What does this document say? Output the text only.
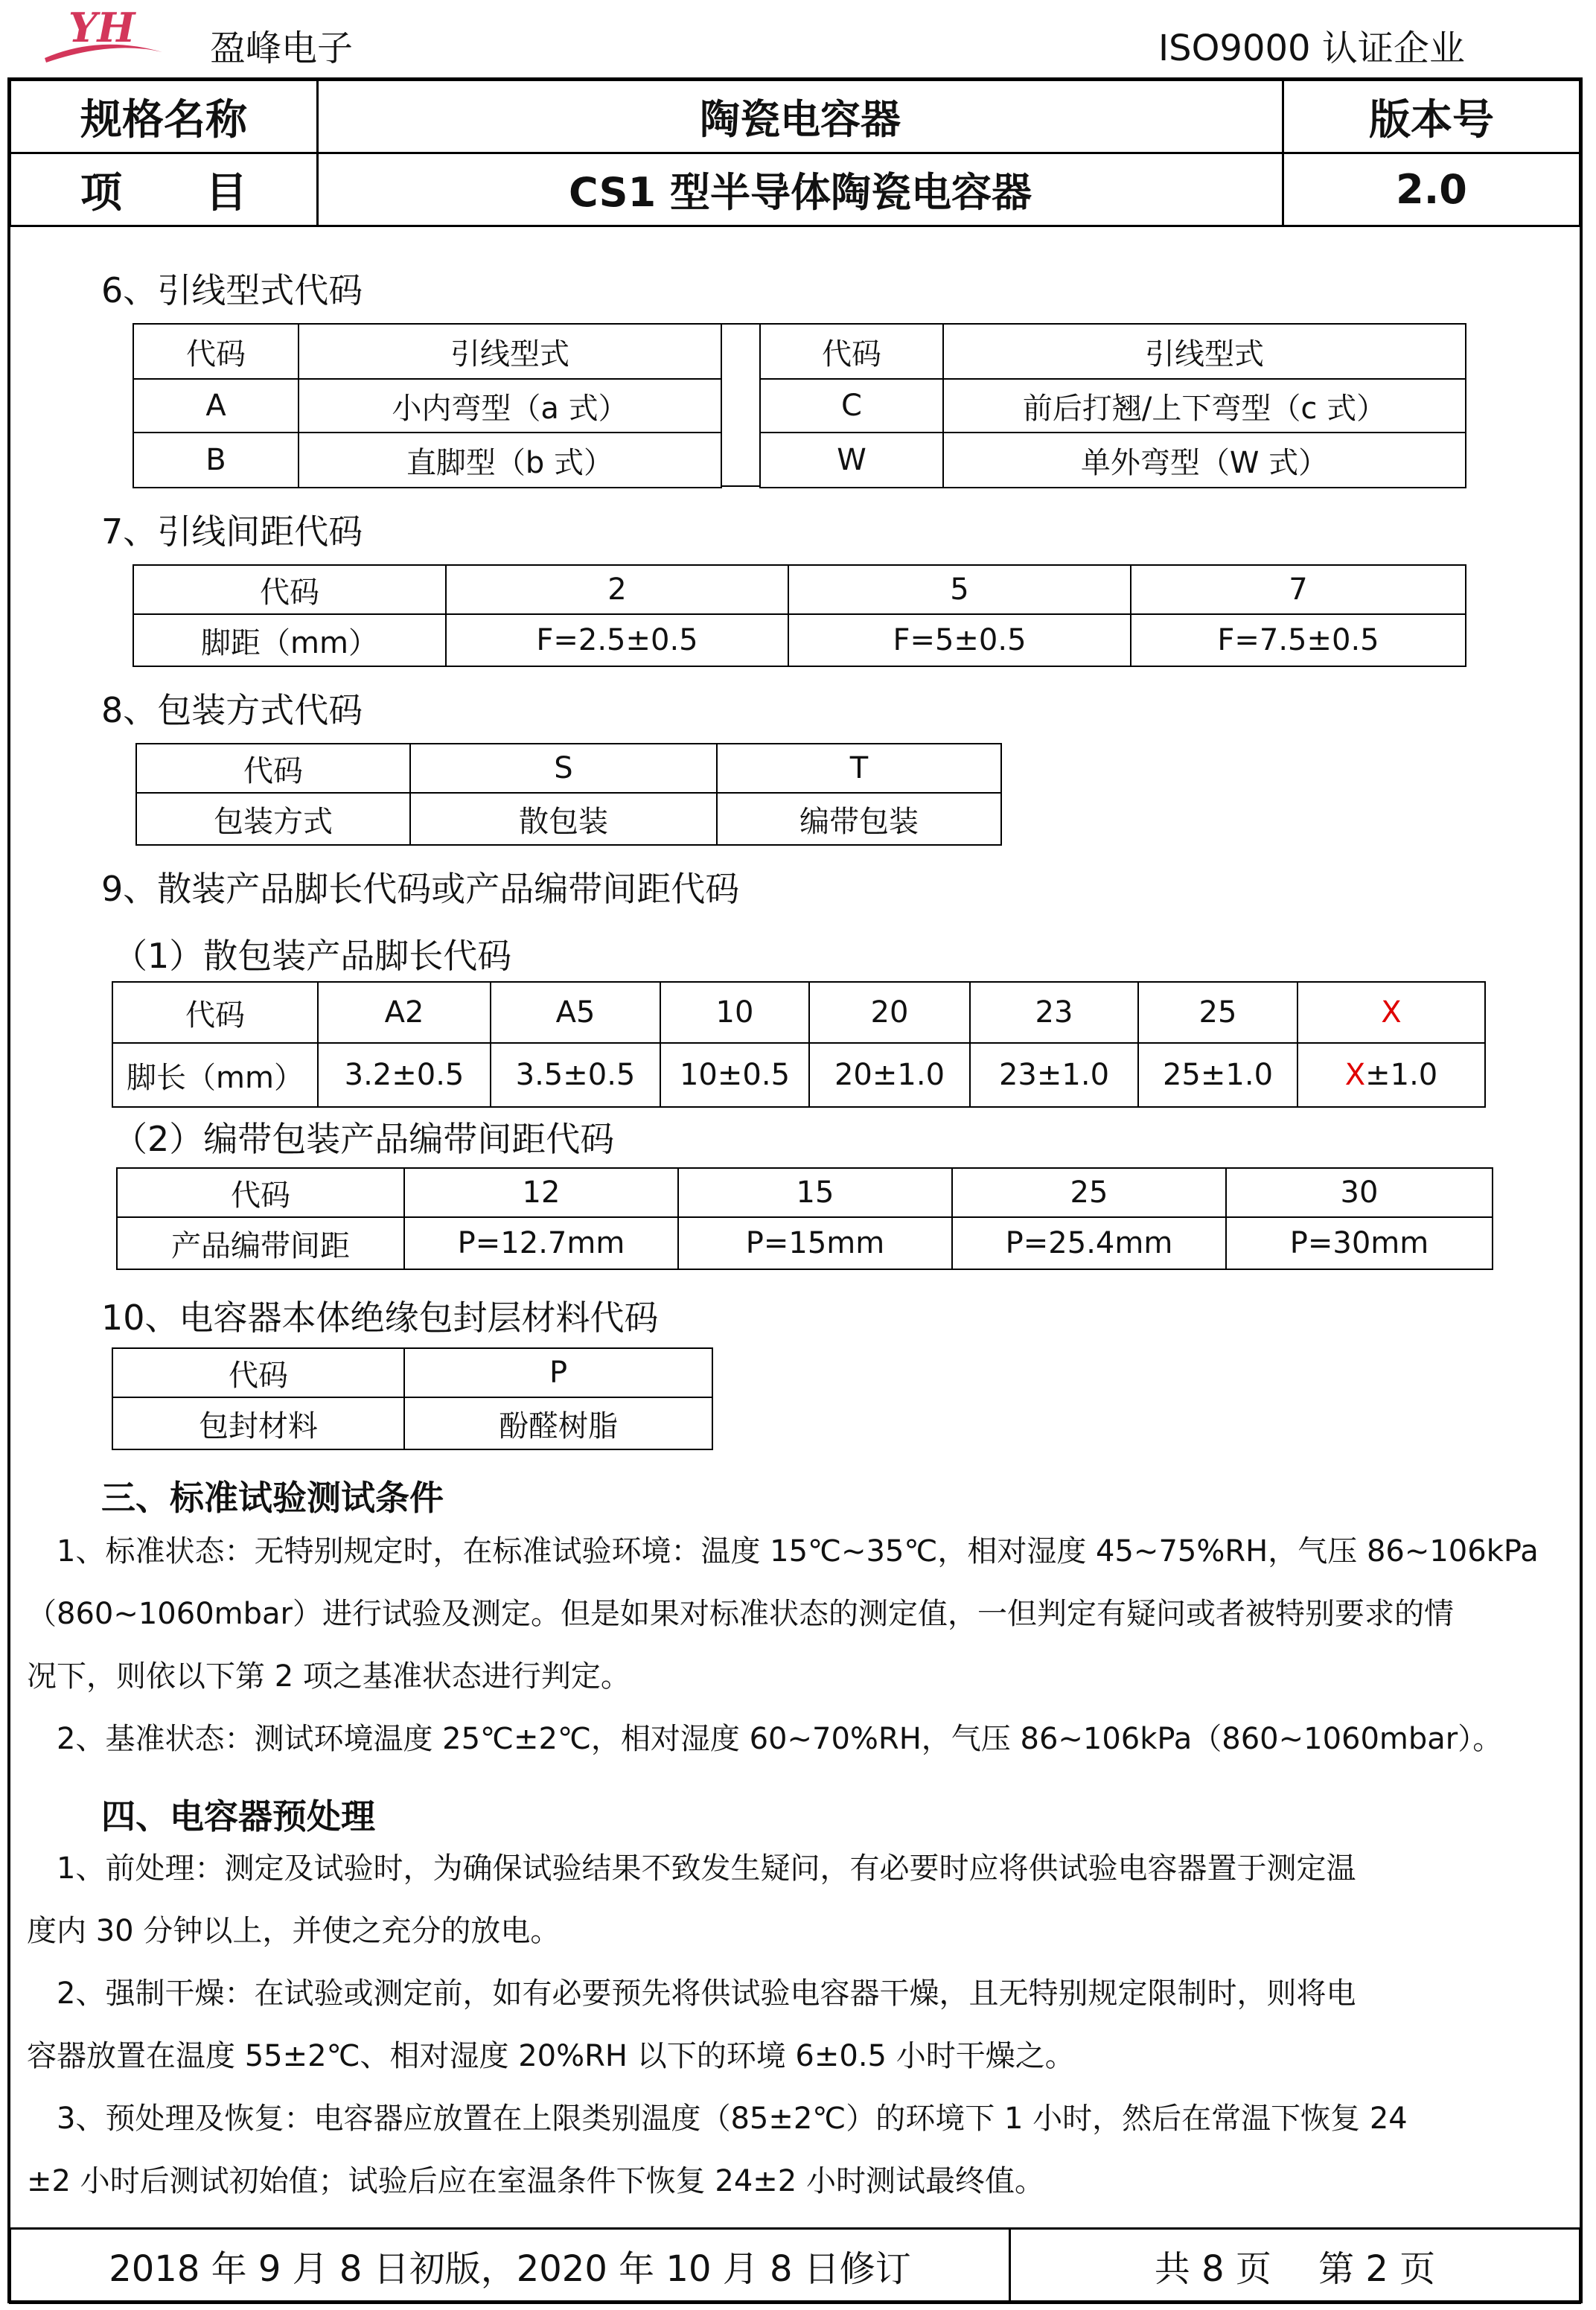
YH 盈峰电子	ISO9000 认证企业
规格名称	陶瓷电容器	版本号
项　　目	CS1 型半导体陶瓷电容器	2.0
6、引线型式代码
代码	引线型式
A	小内弯型（a 式）
B	直脚型（b 式）
代码	引线型式
C	前后打翘/上下弯型（c 式）
W	单外弯型（W 式）
7、引线间距代码
代码	2	5	7
脚距（mm）	F=2.5±0.5	F=5±0.5	F=7.5±0.5
8、包装方式代码
代码	S	T
包装方式	散包装	编带包装
9、散装产品脚长代码或产品编带间距代码
（1）散包装产品脚长代码
代码	A2	A5	10	20	23	25	X
脚长（mm）	3.2±0.5	3.5±0.5	10±0.5	20±1.0	23±1.0	25±1.0	X±1.0
（2）编带包装产品编带间距代码
代码	12	15	25	30
产品编带间距	P=12.7mm	P=15mm	P=25.4mm	P=30mm
10、电容器本体绝缘包封层材料代码
代码	P
包封材料	酚醛树脂
三、标准试验测试条件

　1、标准状态：无特别规定时，在标准试验环境：温度 15℃~35℃，相对湿度 45~75%RH，气压 86~106kPa

（860~1060mbar）进行试验及测定。但是如果对标准状态的测定值，一但判定有疑问或者被特别要求的情

况下，则依以下第 2 项之基准状态进行判定。

　2、基准状态：测试环境温度 25℃±2℃，相对湿度 60~70%RH，气压 86~106kPa（860~1060mbar）。

四、电容器预处理

　1、前处理：测定及试验时，为确保试验结果不致发生疑问，有必要时应将供试验电容器置于测定温

度内 30 分钟以上，并使之充分的放电。

　2、强制干燥：在试验或测定前，如有必要预先将供试验电容器干燥，且无特别规定限制时，则将电

容器放置在温度 55±2℃、相对湿度 20%RH 以下的环境 6±0.5 小时干燥之。

　3、预处理及恢复：电容器应放置在上限类别温度（85±2℃）的环境下 1 小时，然后在常温下恢复 24

±2 小时后测试初始值；试验后应在室温条件下恢复 24±2 小时测试最终值。

2018 年 9 月 8 日初版，2020 年 10 月 8 日修订	共 8 页　 第 2 页
